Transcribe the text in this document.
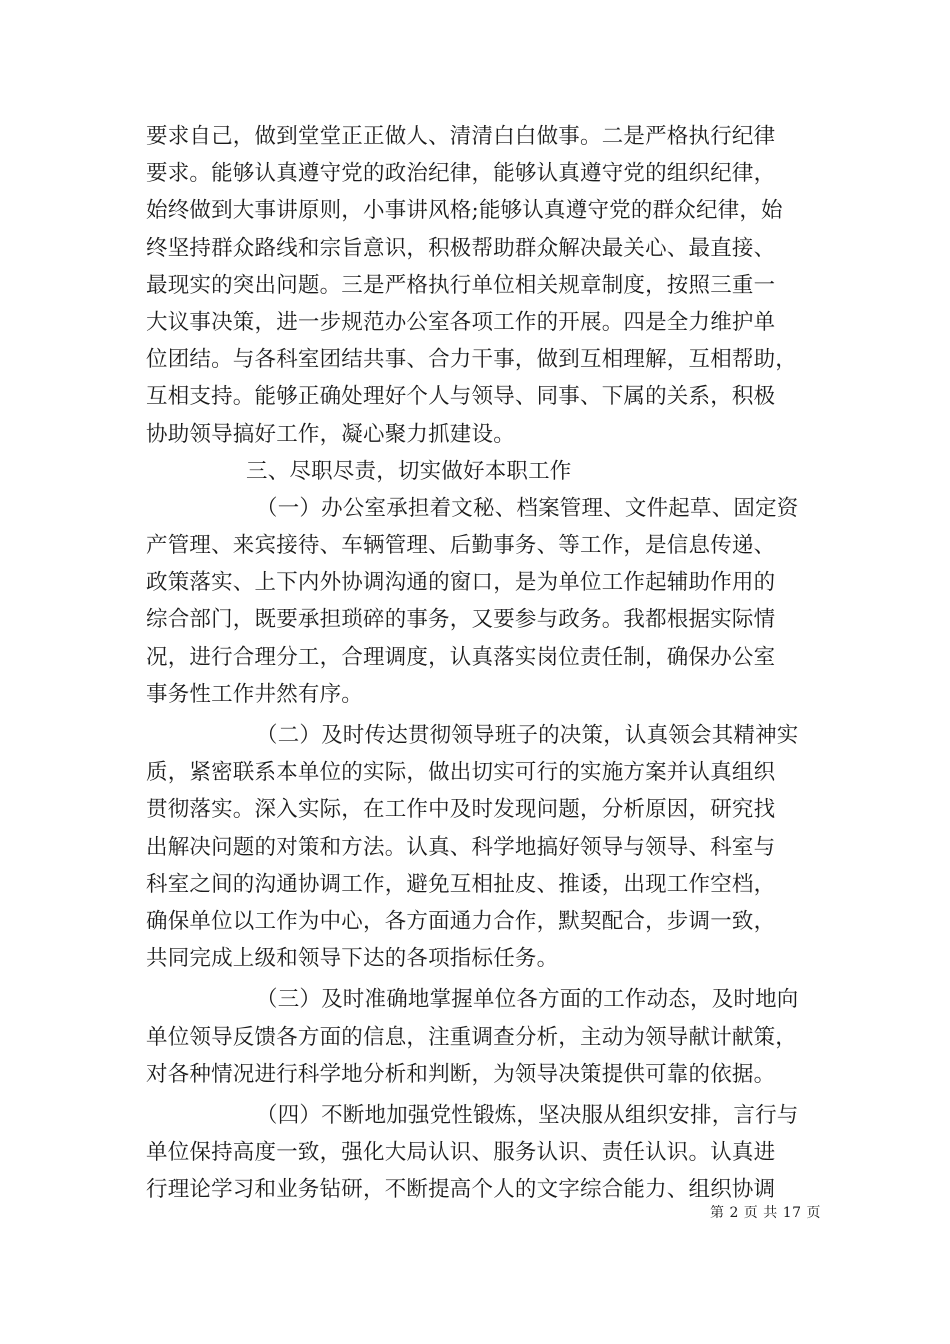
要求自己，做到堂堂正正做人、清清白白做事。二是严格执行纪律
要求。能够认真遵守党的政治纪律，能够认真遵守党的组织纪律，
始终做到大事讲原则，小事讲风格;能够认真遵守党的群众纪律，始
终坚持群众路线和宗旨意识，积极帮助群众解决最关心、最直接、
最现实的突出问题。三是严格执行单位相关规章制度，按照三重一
大议事决策，进一步规范办公室各项工作的开展。四是全力维护单
位团结。与各科室团结共事、合力干事，做到互相理解，互相帮助，
互相支持。能够正确处理好个人与领导、同事、下属的关系，积极
协助领导搞好工作，凝心聚力抓建设。
三、尽职尽责，切实做好本职工作
（一）办公室承担着文秘、档案管理、文件起草、固定资
产管理、来宾接待、车辆管理、后勤事务、等工作，是信息传递、
政策落实、上下内外协调沟通的窗口，是为单位工作起辅助作用的
综合部门，既要承担琐碎的事务，又要参与政务。我都根据实际情
况，进行合理分工，合理调度，认真落实岗位责任制，确保办公室
事务性工作井然有序。
（二）及时传达贯彻领导班子的决策，认真领会其精神实
质，紧密联系本单位的实际，做出切实可行的实施方案并认真组织
贯彻落实。深入实际，在工作中及时发现问题，分析原因，研究找
出解决问题的对策和方法。认真、科学地搞好领导与领导、科室与
科室之间的沟通协调工作，避免互相扯皮、推诿，出现工作空档，
确保单位以工作为中心，各方面通力合作，默契配合，步调一致，
共同完成上级和领导下达的各项指标任务。
（三）及时准确地掌握单位各方面的工作动态，及时地向
单位领导反馈各方面的信息，注重调查分析，主动为领导献计献策，
对各种情况进行科学地分析和判断，为领导决策提供可靠的依据。
（四）不断地加强党性锻炼，坚决服从组织安排，言行与
单位保持高度一致，强化大局认识、服务认识、责任认识。认真进
行理论学习和业务钻研，不断提高个人的文字综合能力、组织协调
第 2 页 共 17 页
